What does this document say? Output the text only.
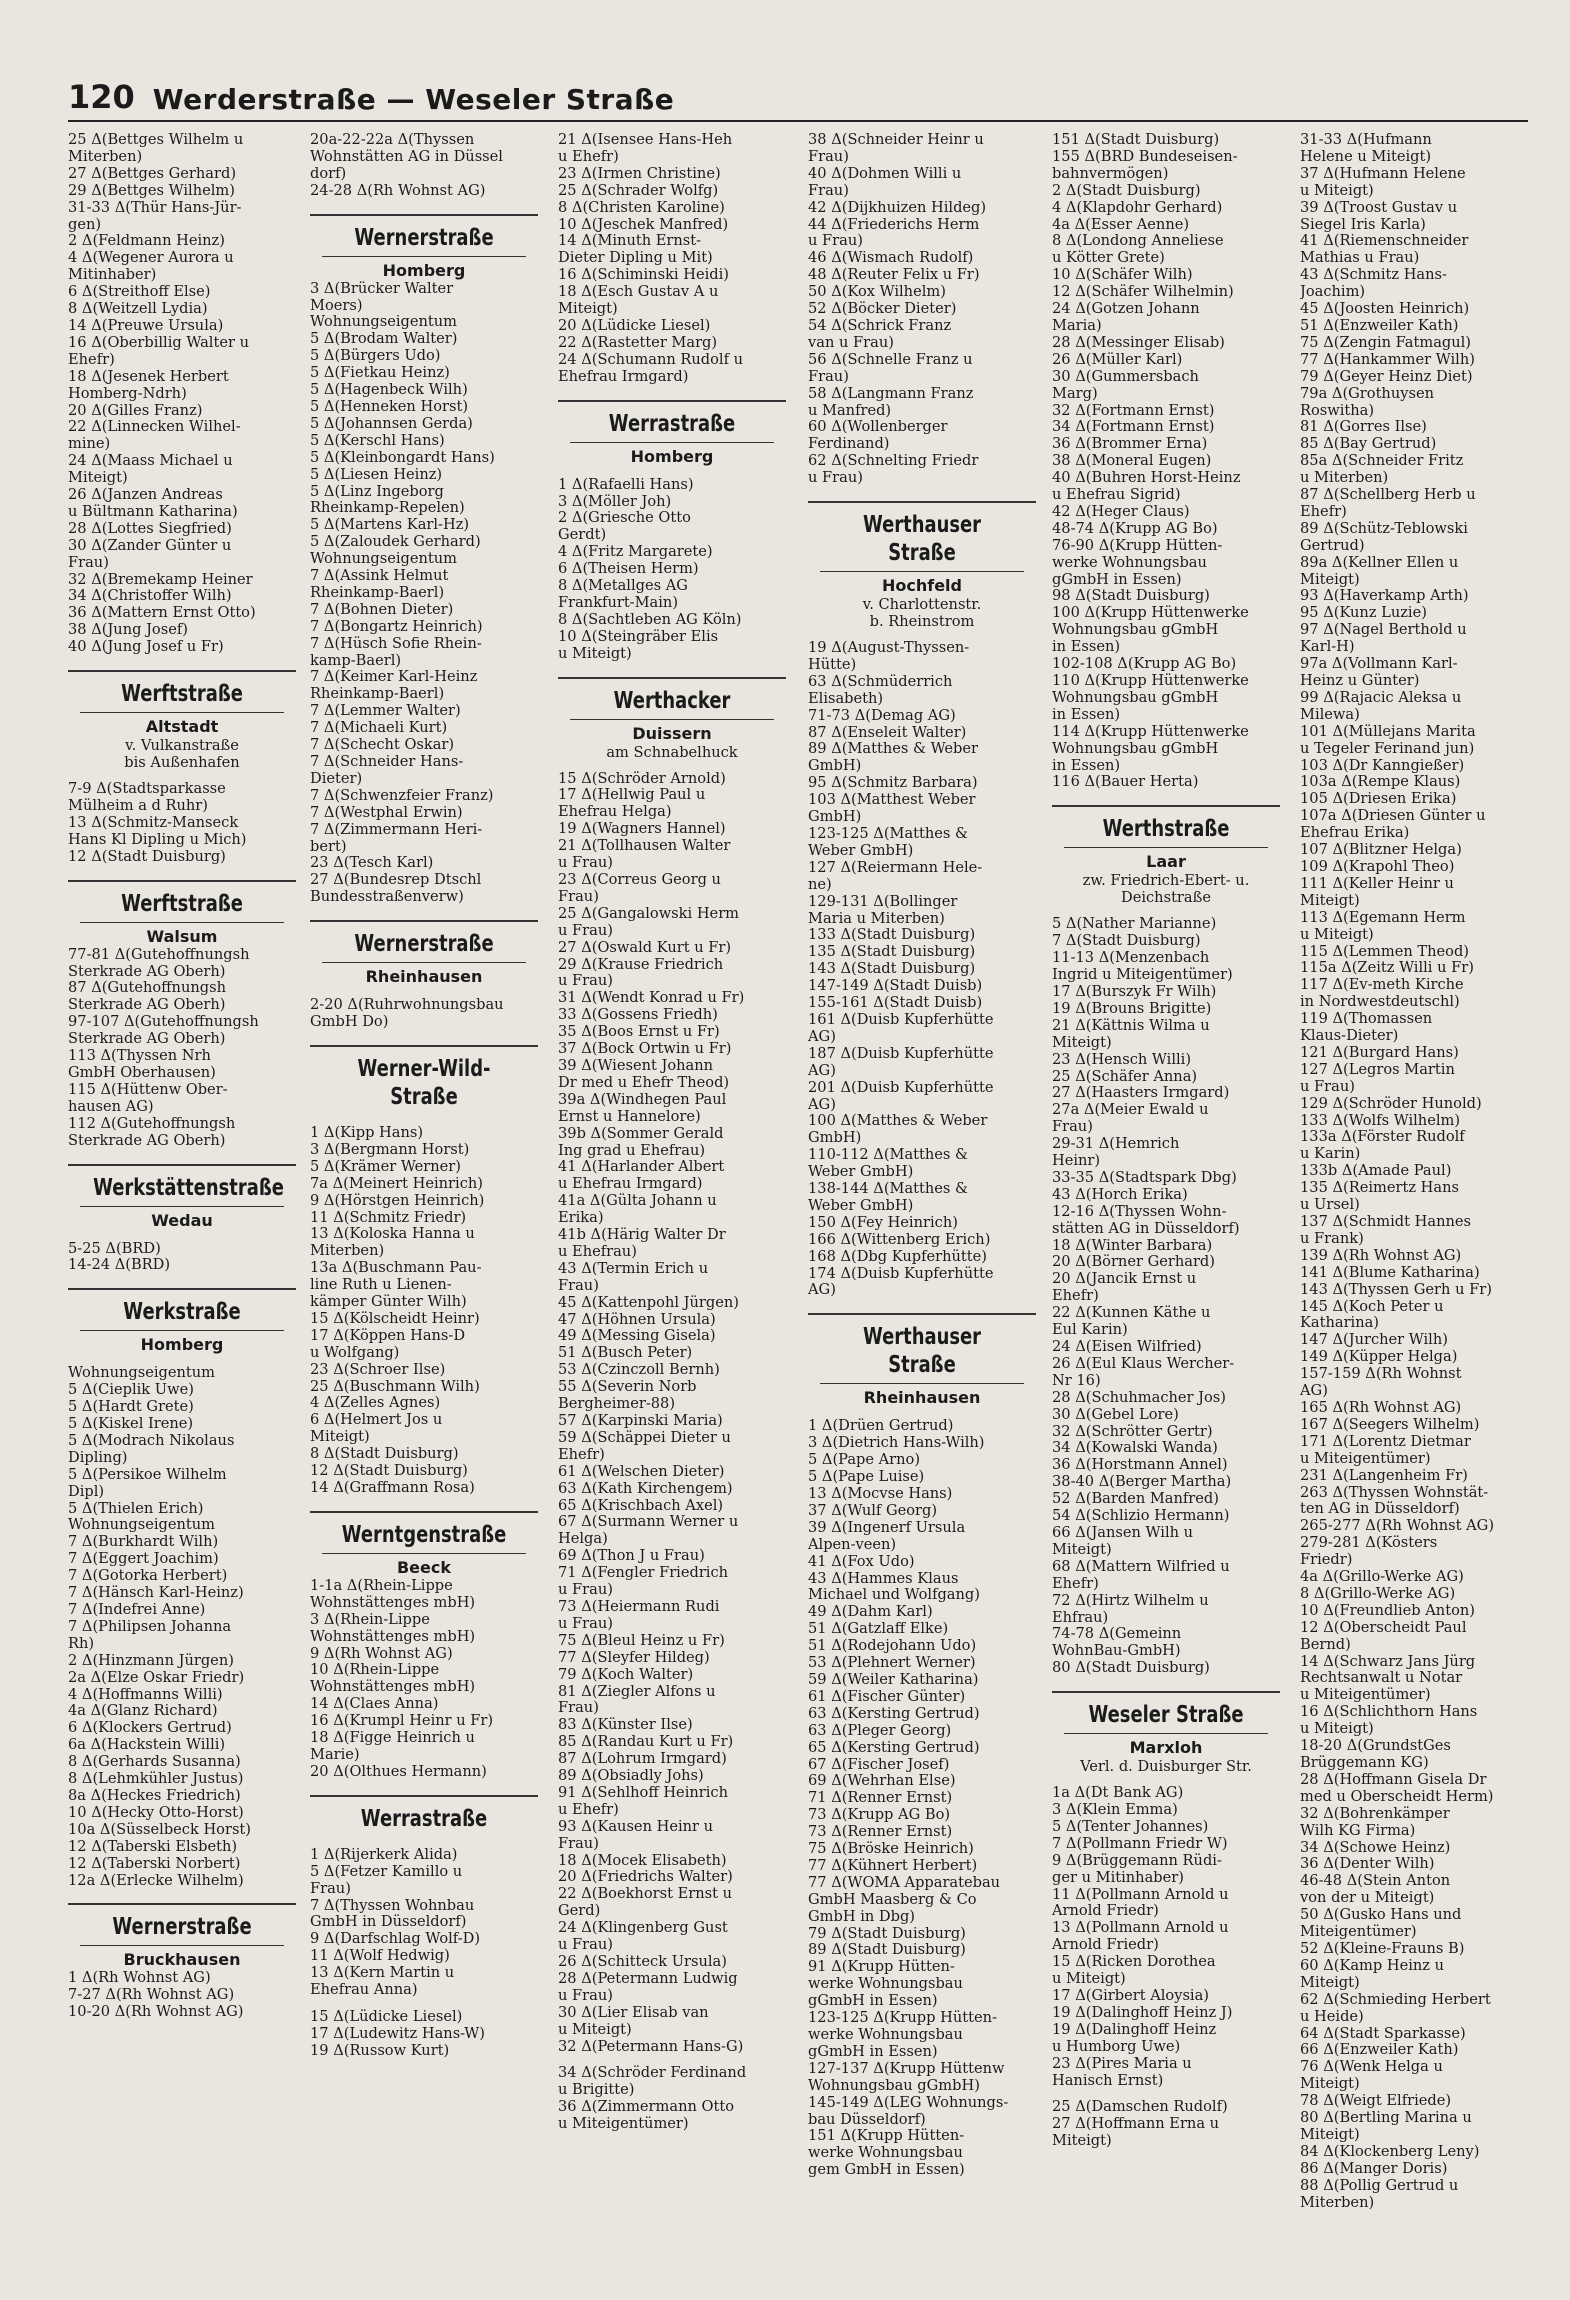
120 Werderstraße — Weseler Straße
25 Δ(Bettges Wilhelm u
Miterben)
27 Δ(Bettges Gerhard)
29 Δ(Bettges Wilhelm)
31-33 Δ(Thür Hans-Jür-
gen)
2 Δ(Feldmann Heinz)
4 Δ(Wegener Aurora u
Mitinhaber)
6 Δ(Streithoff Else)
8 Δ(Weitzell Lydia)
14 Δ(Preuwe Ursula)
16 Δ(Oberbillig Walter u
Ehefr)
18 Δ(Jesenek Herbert
Homberg-Ndrh)
20 Δ(Gilles Franz)
22 Δ(Linnecken Wilhel-
mine)
24 Δ(Maass Michael u
Miteigt)
26 Δ(Janzen Andreas
u Bültmann Katharina)
28 Δ(Lottes Siegfried)
30 Δ(Zander Günter u
Frau)
32 Δ(Bremekamp Heiner
34 Δ(Christoffer Wilh)
36 Δ(Mattern Ernst Otto)
38 Δ(Jung Josef)
40 Δ(Jung Josef u Fr)
Werftstraße
Altstadt
v. Vulkanstraße
bis Außenhafen
7-9 Δ(Stadtsparkasse
Mülheim a d Ruhr)
13 Δ(Schmitz-Manseck
Hans Kl Dipling u Mich)
12 Δ(Stadt Duisburg)
Werftstraße
Walsum
77-81 Δ(Gutehoffnungsh
Sterkrade AG Oberh)
87 Δ(Gutehoffnungsh
Sterkrade AG Oberh)
97-107 Δ(Gutehoffnungsh
Sterkrade AG Oberh)
113 Δ(Thyssen Nrh
GmbH Oberhausen)
115 Δ(Hüttenw Ober-
hausen AG)
112 Δ(Gutehoffnungsh
Sterkrade AG Oberh)
Werkstättenstraße
Wedau
5-25 Δ(BRD)
14-24 Δ(BRD)
Werkstraße
Homberg
Wohnungseigentum
5 Δ(Cieplik Uwe)
5 Δ(Hardt Grete)
5 Δ(Kiskel Irene)
5 Δ(Modrach Nikolaus
Dipling)
5 Δ(Persikoe Wilhelm
Dipl)
5 Δ(Thielen Erich)
Wohnungseigentum
7 Δ(Burkhardt Wilh)
7 Δ(Eggert Joachim)
7 Δ(Gotorka Herbert)
7 Δ(Hänsch Karl-Heinz)
7 Δ(Indefrei Anne)
7 Δ(Philipsen Johanna
Rh)
2 Δ(Hinzmann Jürgen)
2a Δ(Elze Oskar Friedr)
4 Δ(Hoffmanns Willi)
4a Δ(Glanz Richard)
6 Δ(Klockers Gertrud)
6a Δ(Hackstein Willi)
8 Δ(Gerhards Susanna)
8 Δ(Lehmkühler Justus)
8a Δ(Heckes Friedrich)
10 Δ(Hecky Otto-Horst)
10a Δ(Süsselbeck Horst)
12 Δ(Taberski Elsbeth)
12 Δ(Taberski Norbert)
12a Δ(Erlecke Wilhelm)
Wernerstraße
Bruckhausen
1 Δ(Rh Wohnst AG)
7-27 Δ(Rh Wohnst AG)
10-20 Δ(Rh Wohnst AG)
20a-22-22a Δ(Thyssen
Wohnstätten AG in Düssel
dorf)
24-28 Δ(Rh Wohnst AG)
Wernerstraße
Homberg
3 Δ(Brücker Walter
Moers)
Wohnungseigentum
5 Δ(Brodam Walter)
5 Δ(Bürgers Udo)
5 Δ(Fietkau Heinz)
5 Δ(Hagenbeck Wilh)
5 Δ(Henneken Horst)
5 Δ(Johannsen Gerda)
5 Δ(Kerschl Hans)
5 Δ(Kleinbongardt Hans)
5 Δ(Liesen Heinz)
5 Δ(Linz Ingeborg
Rheinkamp-Repelen)
5 Δ(Martens Karl-Hz)
5 Δ(Zaloudek Gerhard)
Wohnungseigentum
7 Δ(Assink Helmut
Rheinkamp-Baerl)
7 Δ(Bohnen Dieter)
7 Δ(Bongartz Heinrich)
7 Δ(Hüsch Sofie Rhein-
kamp-Baerl)
7 Δ(Keimer Karl-Heinz
Rheinkamp-Baerl)
7 Δ(Lemmer Walter)
7 Δ(Michaeli Kurt)
7 Δ(Schecht Oskar)
7 Δ(Schneider Hans-
Dieter)
7 Δ(Schwenzfeier Franz)
7 Δ(Westphal Erwin)
7 Δ(Zimmermann Heri-
bert)
23 Δ(Tesch Karl)
27 Δ(Bundesrep Dtschl
Bundesstraßenverw)
Wernerstraße
Rheinhausen
2-20 Δ(Ruhrwohnungsbau
GmbH Do)
Werner-Wild-Straße
1 Δ(Kipp Hans)
3 Δ(Bergmann Horst)
5 Δ(Krämer Werner)
7a Δ(Meinert Heinrich)
9 Δ(Hörstgen Heinrich)
11 Δ(Schmitz Friedr)
13 Δ(Koloska Hanna u
Miterben)
13a Δ(Buschmann Pau-
line Ruth u Lienen-
kämper Günter Wilh)
15 Δ(Kölscheidt Heinr)
17 Δ(Köppen Hans-D
u Wolfgang)
23 Δ(Schroer Ilse)
25 Δ(Buschmann Wilh)
4 Δ(Zelles Agnes)
6 Δ(Helmert Jos u
Miteigt)
8 Δ(Stadt Duisburg)
12 Δ(Stadt Duisburg)
14 Δ(Graffmann Rosa)
Werntgenstraße
Beeck
1-1a Δ(Rhein-Lippe
Wohnstättenges mbH)
3 Δ(Rhein-Lippe
Wohnstättenges mbH)
9 Δ(Rh Wohnst AG)
10 Δ(Rhein-Lippe
Wohnstättenges mbH)
14 Δ(Claes Anna)
16 Δ(Krumpl Heinr u Fr)
18 Δ(Figge Heinrich u
Marie)
20 Δ(Olthues Hermann)
Werrastraße
1 Δ(Rijerkerk Alida)
5 Δ(Fetzer Kamillo u
Frau)
7 Δ(Thyssen Wohnbau
GmbH in Düsseldorf)
9 Δ(Darfschlag Wolf-D)
11 Δ(Wolf Hedwig)
13 Δ(Kern Martin u
Ehefrau Anna)
15 Δ(Lüdicke Liesel)
17 Δ(Ludewitz Hans-W)
19 Δ(Russow Kurt)
21 Δ(Isensee Hans-Heh
u Ehefr)
23 Δ(Irmen Christine)
25 Δ(Schrader Wolfg)
8 Δ(Christen Karoline)
10 Δ(Jeschek Manfred)
14 Δ(Minuth Ernst-
Dieter Dipling u Mit)
16 Δ(Schiminski Heidi)
18 Δ(Esch Gustav A u
Miteigt)
20 Δ(Lüdicke Liesel)
22 Δ(Rastetter Marg)
24 Δ(Schumann Rudolf u
Ehefrau Irmgard)
Werrastraße
Homberg
1 Δ(Rafaelli Hans)
3 Δ(Möller Joh)
2 Δ(Griesche Otto
Gerdt)
4 Δ(Fritz Margarete)
6 Δ(Theisen Herm)
8 Δ(Metallges AG
Frankfurt-Main)
8 Δ(Sachtleben AG Köln)
10 Δ(Steingräber Elis
u Miteigt)
Werthacker
Duissern
am Schnabelhuck
15 Δ(Schröder Arnold)
17 Δ(Hellwig Paul u
Ehefrau Helga)
19 Δ(Wagners Hannel)
21 Δ(Tollhausen Walter
u Frau)
23 Δ(Correus Georg u
Frau)
25 Δ(Gangalowski Herm
u Frau)
27 Δ(Oswald Kurt u Fr)
29 Δ(Krause Friedrich
u Frau)
31 Δ(Wendt Konrad u Fr)
33 Δ(Gossens Friedh)
35 Δ(Boos Ernst u Fr)
37 Δ(Bock Ortwin u Fr)
39 Δ(Wiesent Johann
Dr med u Ehefr Theod)
39a Δ(Windhegen Paul
Ernst u Hannelore)
39b Δ(Sommer Gerald
Ing grad u Ehefrau)
41 Δ(Harlander Albert
u Ehefrau Irmgard)
41a Δ(Gülta Johann u
Erika)
41b Δ(Härig Walter Dr
u Ehefrau)
43 Δ(Termin Erich u
Frau)
45 Δ(Kattenpohl Jürgen)
47 Δ(Höhnen Ursula)
49 Δ(Messing Gisela)
51 Δ(Busch Peter)
53 Δ(Czinczoll Bernh)
55 Δ(Severin Norb
Bergheimer-88)
57 Δ(Karpinski Maria)
59 Δ(Schäppei Dieter u
Ehefr)
61 Δ(Welschen Dieter)
63 Δ(Kath Kirchengem)
65 Δ(Krischbach Axel)
67 Δ(Surmann Werner u
Helga)
69 Δ(Thon J u Frau)
71 Δ(Fengler Friedrich
u Frau)
73 Δ(Heiermann Rudi
u Frau)
75 Δ(Bleul Heinz u Fr)
77 Δ(Sleyfer Hildeg)
79 Δ(Koch Walter)
81 Δ(Ziegler Alfons u
Frau)
83 Δ(Künster Ilse)
85 Δ(Randau Kurt u Fr)
87 Δ(Lohrum Irmgard)
89 Δ(Obsiadly Johs)
91 Δ(Sehlhoff Heinrich
u Ehefr)
93 Δ(Kausen Heinr u
Frau)
18 Δ(Mocek Elisabeth)
20 Δ(Friedrichs Walter)
22 Δ(Boekhorst Ernst u
Gerd)
24 Δ(Klingenberg Gust
u Frau)
26 Δ(Schitteck Ursula)
28 Δ(Petermann Ludwig
u Frau)
30 Δ(Lier Elisab van
u Miteigt)
32 Δ(Petermann Hans-G)
34 Δ(Schröder Ferdinand
u Brigitte)
36 Δ(Zimmermann Otto
u Miteigentümer)
38 Δ(Schneider Heinr u
Frau)
40 Δ(Dohmen Willi u
Frau)
42 Δ(Dijkhuizen Hildeg)
44 Δ(Friederichs Herm
u Frau)
46 Δ(Wismach Rudolf)
48 Δ(Reuter Felix u Fr)
50 Δ(Kox Wilhelm)
52 Δ(Böcker Dieter)
54 Δ(Schrick Franz
van u Frau)
56 Δ(Schnelle Franz u
Frau)
58 Δ(Langmann Franz
u Manfred)
60 Δ(Wollenberger
Ferdinand)
62 Δ(Schnelting Friedr
u Frau)
Werthauser Straße
Hochfeld
v. Charlottenstr.
b. Rheinstrom
19 Δ(August-Thyssen-
Hütte)
63 Δ(Schmüderrich
Elisabeth)
71-73 Δ(Demag AG)
87 Δ(Enseleit Walter)
89 Δ(Matthes & Weber
GmbH)
95 Δ(Schmitz Barbara)
103 Δ(Matthest Weber
GmbH)
123-125 Δ(Matthes &
Weber GmbH)
127 Δ(Reiermann Hele-
ne)
129-131 Δ(Bollinger
Maria u Miterben)
133 Δ(Stadt Duisburg)
135 Δ(Stadt Duisburg)
143 Δ(Stadt Duisburg)
147-149 Δ(Stadt Duisb)
155-161 Δ(Stadt Duisb)
161 Δ(Duisb Kupferhütte
AG)
187 Δ(Duisb Kupferhütte
AG)
201 Δ(Duisb Kupferhütte
AG)
100 Δ(Matthes & Weber
GmbH)
110-112 Δ(Matthes &
Weber GmbH)
138-144 Δ(Matthes &
Weber GmbH)
150 Δ(Fey Heinrich)
166 Δ(Wittenberg Erich)
168 Δ(Dbg Kupferhütte)
174 Δ(Duisb Kupferhütte
AG)
Werthauser Straße
Rheinhausen
1 Δ(Drüen Gertrud)
3 Δ(Dietrich Hans-Wilh)
5 Δ(Pape Arno)
5 Δ(Pape Luise)
13 Δ(Mocvse Hans)
37 Δ(Wulf Georg)
39 Δ(Ingenerf Ursula
Alpen-veen)
41 Δ(Fox Udo)
43 Δ(Hammes Klaus
Michael und Wolfgang)
49 Δ(Dahm Karl)
51 Δ(Gatzlaff Elke)
51 Δ(Rodejohann Udo)
53 Δ(Plehnert Werner)
59 Δ(Weiler Katharina)
61 Δ(Fischer Günter)
63 Δ(Kersting Gertrud)
63 Δ(Pleger Georg)
65 Δ(Kersting Gertrud)
67 Δ(Fischer Josef)
69 Δ(Wehrhan Else)
71 Δ(Renner Ernst)
73 Δ(Krupp AG Bo)
73 Δ(Renner Ernst)
75 Δ(Bröske Heinrich)
77 Δ(Kühnert Herbert)
77 Δ(WOMA Apparatebau
GmbH Maasberg & Co
GmbH in Dbg)
79 Δ(Stadt Duisburg)
89 Δ(Stadt Duisburg)
91 Δ(Krupp Hütten-
werke Wohnungsbau
gGmbH in Essen)
123-125 Δ(Krupp Hütten-
werke Wohnungsbau
gGmbH in Essen)
127-137 Δ(Krupp Hüttenw
Wohnungsbau gGmbH)
145-149 Δ(LEG Wohnungs-
bau Düsseldorf)
151 Δ(Krupp Hütten-
werke Wohnungsbau
gem GmbH in Essen)
151 Δ(Stadt Duisburg)
155 Δ(BRD Bundeseisen-
bahnvermögen)
2 Δ(Stadt Duisburg)
4 Δ(Klapdohr Gerhard)
4a Δ(Esser Aenne)
8 Δ(Londong Anneliese
u Kötter Grete)
10 Δ(Schäfer Wilh)
12 Δ(Schäfer Wilhelmin)
24 Δ(Gotzen Johann
Maria)
28 Δ(Messinger Elisab)
26 Δ(Müller Karl)
30 Δ(Gummersbach
Marg)
32 Δ(Fortmann Ernst)
34 Δ(Fortmann Ernst)
36 Δ(Brommer Erna)
38 Δ(Moneral Eugen)
40 Δ(Buhren Horst-Heinz
u Ehefrau Sigrid)
42 Δ(Heger Claus)
48-74 Δ(Krupp AG Bo)
76-90 Δ(Krupp Hütten-
werke Wohnungsbau
gGmbH in Essen)
98 Δ(Stadt Duisburg)
100 Δ(Krupp Hüttenwerke
Wohnungsbau gGmbH
in Essen)
102-108 Δ(Krupp AG Bo)
110 Δ(Krupp Hüttenwerke
Wohnungsbau gGmbH
in Essen)
114 Δ(Krupp Hüttenwerke
Wohnungsbau gGmbH
in Essen)
116 Δ(Bauer Herta)
Werthstraße
Laar
zw. Friedrich-Ebert- u.
Deichstraße
5 Δ(Nather Marianne)
7 Δ(Stadt Duisburg)
11-13 Δ(Menzenbach
Ingrid u Miteigentümer)
17 Δ(Burszyk Fr Wilh)
19 Δ(Brouns Brigitte)
21 Δ(Kättnis Wilma u
Miteigt)
23 Δ(Hensch Willi)
25 Δ(Schäfer Anna)
27 Δ(Haasters Irmgard)
27a Δ(Meier Ewald u
Frau)
29-31 Δ(Hemrich
Heinr)
33-35 Δ(Stadtspark Dbg)
43 Δ(Horch Erika)
12-16 Δ(Thyssen Wohn-
stätten AG in Düsseldorf)
18 Δ(Winter Barbara)
20 Δ(Börner Gerhard)
20 Δ(Jancik Ernst u
Ehefr)
22 Δ(Kunnen Käthe u
Eul Karin)
24 Δ(Eisen Wilfried)
26 Δ(Eul Klaus Wercher-
Nr 16)
28 Δ(Schuhmacher Jos)
30 Δ(Gebel Lore)
32 Δ(Schrötter Gertr)
34 Δ(Kowalski Wanda)
36 Δ(Horstmann Annel)
38-40 Δ(Berger Martha)
52 Δ(Barden Manfred)
54 Δ(Schlizio Hermann)
66 Δ(Jansen Wilh u
Miteigt)
68 Δ(Mattern Wilfried u
Ehefr)
72 Δ(Hirtz Wilhelm u
Ehfrau)
74-78 Δ(Gemeinn
WohnBau-GmbH)
80 Δ(Stadt Duisburg)
Weseler Straße
Marxloh
Verl. d. Duisburger Str.
1a Δ(Dt Bank AG)
3 Δ(Klein Emma)
5 Δ(Tenter Johannes)
7 Δ(Pollmann Friedr W)
9 Δ(Brüggemann Rüdi-
ger u Mitinhaber)
11 Δ(Pollmann Arnold u
Arnold Friedr)
13 Δ(Pollmann Arnold u
Arnold Friedr)
15 Δ(Ricken Dorothea
u Miteigt)
17 Δ(Girbert Aloysia)
19 Δ(Dalinghoff Heinz J)
19 Δ(Dalinghoff Heinz
u Humborg Uwe)
23 Δ(Pires Maria u
Hanisch Ernst)
25 Δ(Damschen Rudolf)
27 Δ(Hoffmann Erna u
Miteigt)
31-33 Δ(Hufmann
Helene u Miteigt)
37 Δ(Hufmann Helene
u Miteigt)
39 Δ(Troost Gustav u
Siegel Iris Karla)
41 Δ(Riemenschneider
Mathias u Frau)
43 Δ(Schmitz Hans-
Joachim)
45 Δ(Joosten Heinrich)
51 Δ(Enzweiler Kath)
75 Δ(Zengin Fatmagul)
77 Δ(Hankammer Wilh)
79 Δ(Geyer Heinz Diet)
79a Δ(Grothuysen
Roswitha)
81 Δ(Gorres Ilse)
85 Δ(Bay Gertrud)
85a Δ(Schneider Fritz
u Miterben)
87 Δ(Schellberg Herb u
Ehefr)
89 Δ(Schütz-Teblowski
Gertrud)
89a Δ(Kellner Ellen u
Miteigt)
93 Δ(Haverkamp Arth)
95 Δ(Kunz Luzie)
97 Δ(Nagel Berthold u
Karl-H)
97a Δ(Vollmann Karl-
Heinz u Günter)
99 Δ(Rajacic Aleksa u
Milewa)
101 Δ(Müllejans Marita
u Tegeler Ferinand jun)
103 Δ(Dr Kanngießer)
103a Δ(Rempe Klaus)
105 Δ(Driesen Erika)
107a Δ(Driesen Günter u
Ehefrau Erika)
107 Δ(Blitzner Helga)
109 Δ(Krapohl Theo)
111 Δ(Keller Heinr u
Miteigt)
113 Δ(Egemann Herm
u Miteigt)
115 Δ(Lemmen Theod)
115a Δ(Zeitz Willi u Fr)
117 Δ(Ev-meth Kirche
in Nordwestdeutschl)
119 Δ(Thomassen
Klaus-Dieter)
121 Δ(Burgard Hans)
127 Δ(Legros Martin
u Frau)
129 Δ(Schröder Hunold)
133 Δ(Wolfs Wilhelm)
133a Δ(Förster Rudolf
u Karin)
133b Δ(Amade Paul)
135 Δ(Reimertz Hans
u Ursel)
137 Δ(Schmidt Hannes
u Frank)
139 Δ(Rh Wohnst AG)
141 Δ(Blume Katharina)
143 Δ(Thyssen Gerh u Fr)
145 Δ(Koch Peter u
Katharina)
147 Δ(Jurcher Wilh)
149 Δ(Küpper Helga)
157-159 Δ(Rh Wohnst
AG)
165 Δ(Rh Wohnst AG)
167 Δ(Seegers Wilhelm)
171 Δ(Lorentz Dietmar
u Miteigentümer)
231 Δ(Langenheim Fr)
263 Δ(Thyssen Wohnstät-
ten AG in Düsseldorf)
265-277 Δ(Rh Wohnst AG)
279-281 Δ(Kösters
Friedr)
4a Δ(Grillo-Werke AG)
8 Δ(Grillo-Werke AG)
10 Δ(Freundlieb Anton)
12 Δ(Oberscheidt Paul
Bernd)
14 Δ(Schwarz Jans Jürg
Rechtsanwalt u Notar
u Miteigentümer)
16 Δ(Schlichthorn Hans
u Miteigt)
18-20 Δ(GrundstGes
Brüggemann KG)
28 Δ(Hoffmann Gisela Dr
med u Oberscheidt Herm)
32 Δ(Bohrenkämper
Wilh KG Firma)
34 Δ(Schowe Heinz)
36 Δ(Denter Wilh)
46-48 Δ(Stein Anton
von der u Miteigt)
50 Δ(Gusko Hans und
Miteigentümer)
52 Δ(Kleine-Frauns B)
60 Δ(Kamp Heinz u
Miteigt)
62 Δ(Schmieding Herbert
u Heide)
64 Δ(Stadt Sparkasse)
66 Δ(Enzweiler Kath)
76 Δ(Wenk Helga u
Miteigt)
78 Δ(Weigt Elfriede)
80 Δ(Bertling Marina u
Miteigt)
84 Δ(Klockenberg Leny)
86 Δ(Manger Doris)
88 Δ(Pollig Gertrud u
Miterben)
